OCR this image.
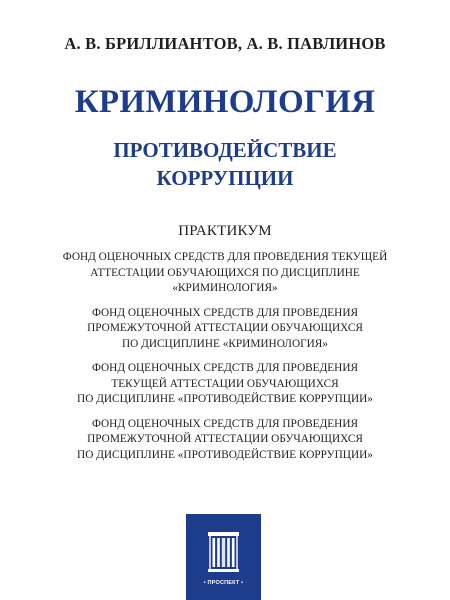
А. В. БРИЛЛИАНТОВ, А. В. ПАВЛИНОВ
КРИМИНОЛОГИЯ
ПРОТИВОДЕЙСТВИЕ
КОРРУПЦИИ
ПРАКТИКУМ
ФОНД ОЦЕНОЧНЫХ СРЕДСТВ ДЛЯ ПРОВЕДЕНИЯ ТЕКУЩЕЙ
АТТЕСТАЦИИ ОБУЧАЮЩИХСЯ ПО ДИСЦИПЛИНЕ
«КРИМИНОЛОГИЯ»
ФОНД ОЦЕНОЧНЫХ СРЕДСТВ ДЛЯ ПРОВЕДЕНИЯ
ПРОМЕЖУТОЧНОЙ АТТЕСТАЦИИ ОБУЧАЮЩИХСЯ
ПО ДИСЦИПЛИНЕ «КРИМИНОЛОГИЯ»
ФОНД ОЦЕНОЧНЫХ СРЕДСТВ ДЛЯ ПРОВЕДЕНИЯ
ТЕКУЩЕЙ АТТЕСТАЦИИ ОБУЧАЮЩИХСЯ
ПО ДИСЦИПЛИНЕ «ПРОТИВОДЕЙСТВИЕ КОРРУПЦИИ»
ФОНД ОЦЕНОЧНЫХ СРЕДСТВ ДЛЯ ПРОВЕДЕНИЯ
ПРОМЕЖУТОЧНОЙ АТТЕСТАЦИИ ОБУЧАЮЩИХСЯ
ПО ДИСЦИПЛИНЕ «ПРОТИВОДЕЙСТВИЕ КОРРУПЦИИ»
• ПРОСПЕКТ •
